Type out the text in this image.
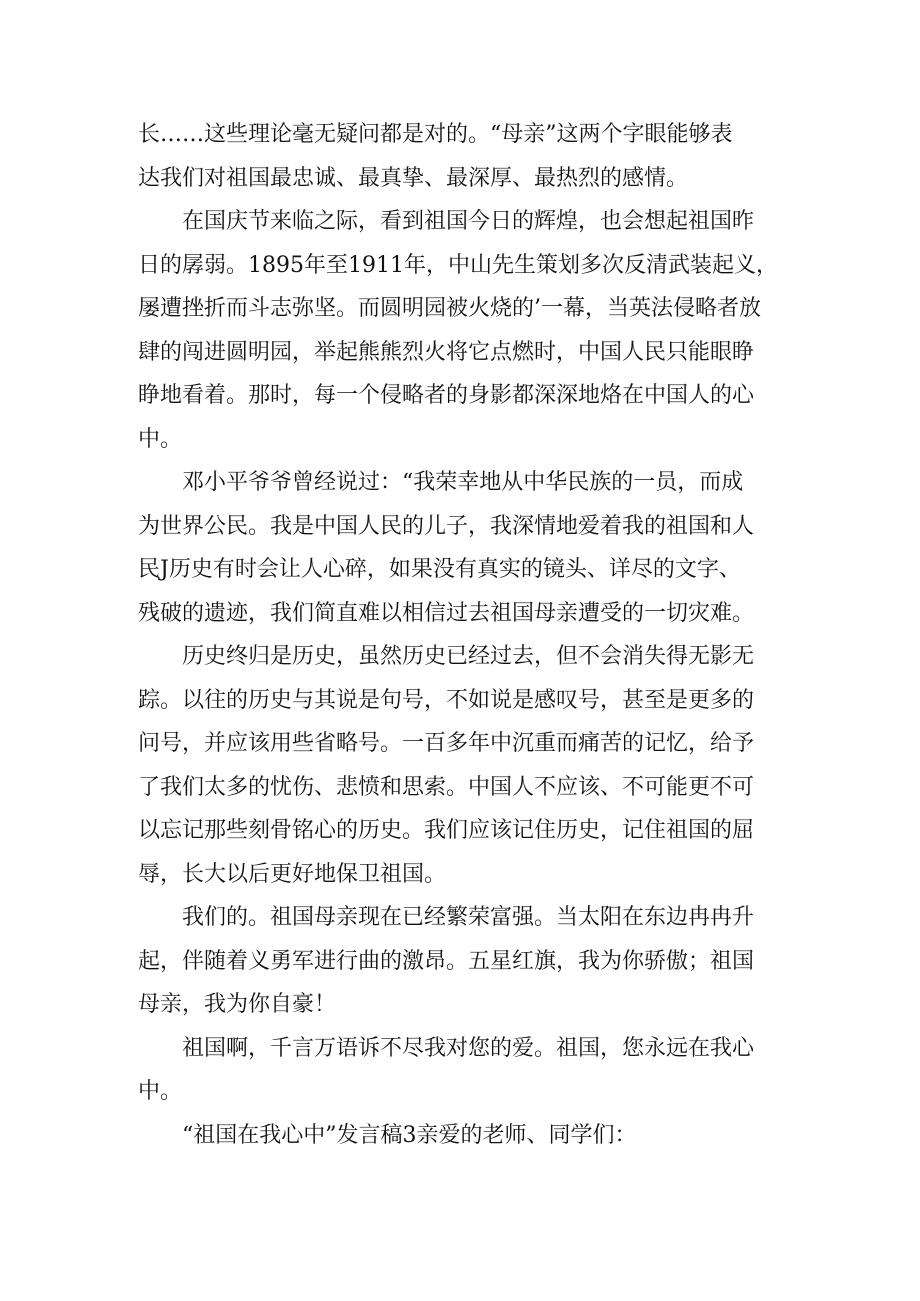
长……这些理论毫无疑问都是对的。“母亲”这两个字眼能够表
达我们对祖国最忠诚、最真挚、最深厚、最热烈的感情。
　　在国庆节来临之际，看到祖国今日的辉煌，也会想起祖国昨
日的孱弱。1895年至1911年，中山先生策划多次反清武装起义，
屡遭挫折而斗志弥坚。而圆明园被火烧的’一幕，当英法侵略者放
肆的闯进圆明园，举起熊熊烈火将它点燃时，中国人民只能眼睁
睁地看着。那时，每一个侵略者的身影都深深地烙在中国人的心
中。
　　邓小平爷爷曾经说过：“我荣幸地从中华民族的一员，而成
为世界公民。我是中国人民的儿子，我深情地爱着我的祖国和人
民J历史有时会让人心碎，如果没有真实的镜头、详尽的文字、
残破的遗迹，我们简直难以相信过去祖国母亲遭受的一切灾难。
　　历史终归是历史，虽然历史已经过去，但不会消失得无影无
踪。以往的历史与其说是句号，不如说是感叹号，甚至是更多的
问号，并应该用些省略号。一百多年中沉重而痛苦的记忆，给予
了我们太多的忧伤、悲愤和思索。中国人不应该、不可能更不可
以忘记那些刻骨铭心的历史。我们应该记住历史，记住祖国的屈
辱，长大以后更好地保卫祖国。
　　我们的。祖国母亲现在已经繁荣富强。当太阳在东边冉冉升
起，伴随着义勇军进行曲的激昂。五星红旗，我为你骄傲；祖国
母亲，我为你自豪！
　　祖国啊，千言万语诉不尽我对您的爱。祖国，您永远在我心
中。
　　“祖国在我心中”发言稿3亲爱的老师、同学们：
